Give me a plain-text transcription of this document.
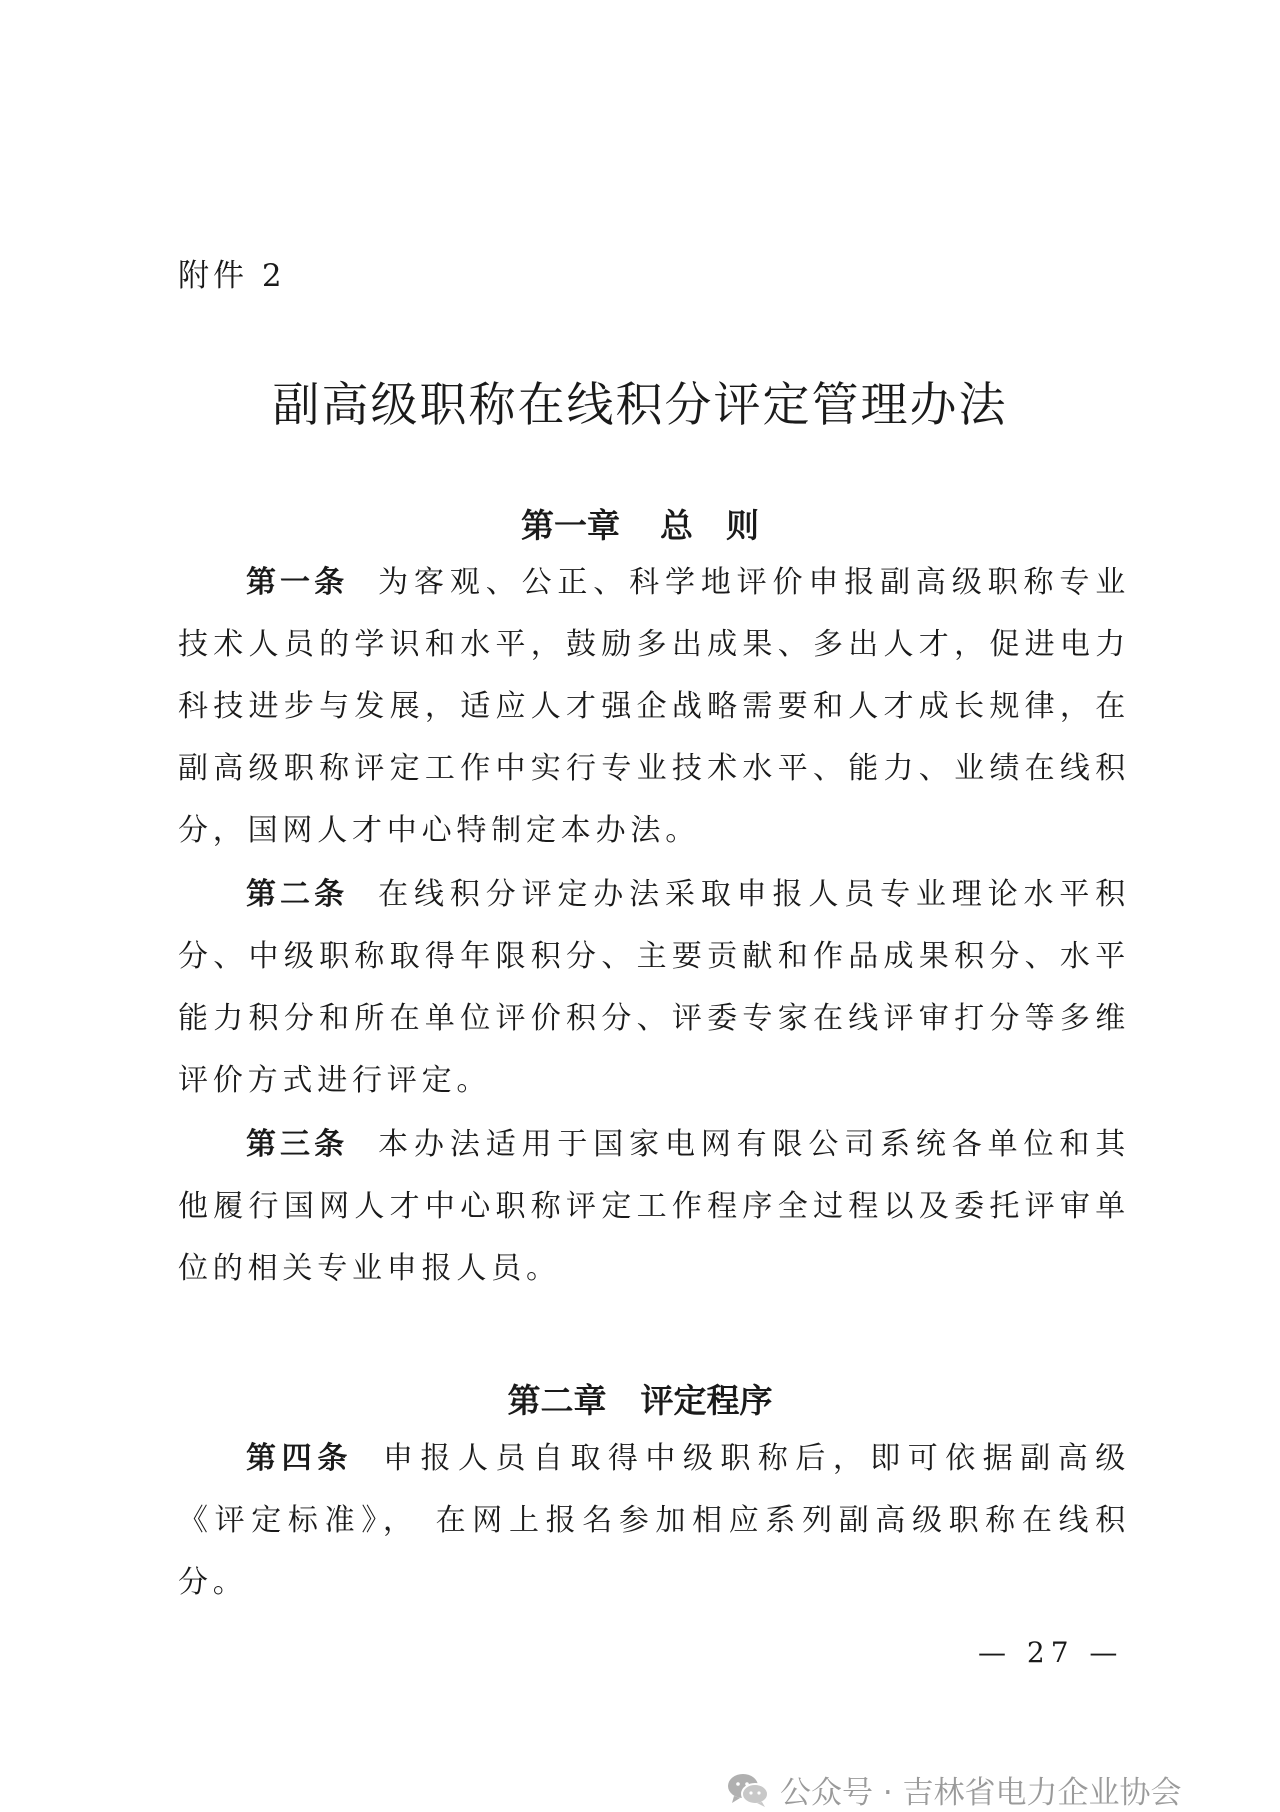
附件 2
副高级职称在线积分评定管理办法
第一章 总　则

第一条 为客观、公正、科学地评价申报副高级职称专业技术人员的学识和水平，鼓励多出成果、多出人才，促进电力科技进步与发展，适应人才强企战略需要和人才成长规律，在副高级职称评定工作中实行专业技术水平、能力、业绩在线积分，国网人才中心特制定本办法。

第二条 在线积分评定办法采取申报人员专业理论水平积分、中级职称取得年限积分、主要贡献和作品成果积分、水平能力积分和所在单位评价积分、评委专家在线评审打分等多维评价方式进行评定。

第三条 本办法适用于国家电网有限公司系统各单位和其他履行国网人才中心职称评定工作程序全过程以及委托评审单位的相关专业申报人员。

第二章 评定程序

第四条 申报人员自取得中级职称后，即可依据副高级《评定标准》， 在网上报名参加相应系列副高级职称在线积分。

— 27 —
公众号 · 吉林省电力企业协会
